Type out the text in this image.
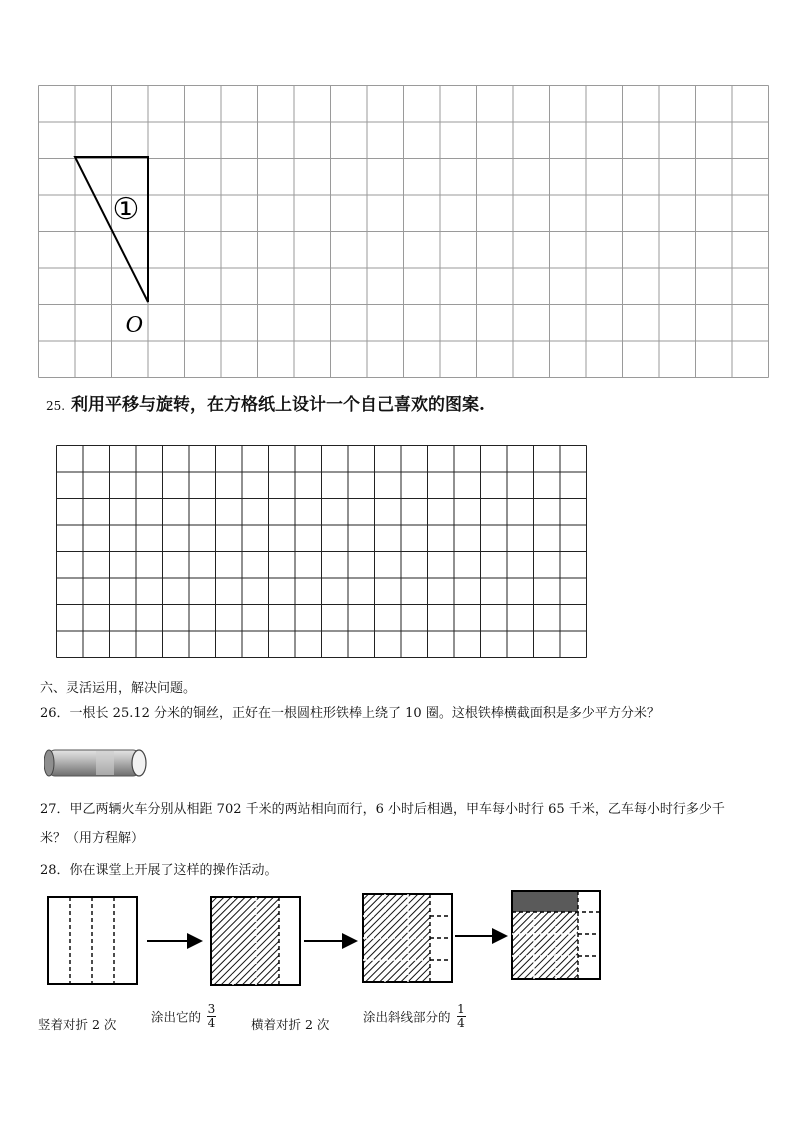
①
O
25. 利用平移与旋转，在方格纸上设计一个自己喜欢的图案.
六、灵活运用，解决问题。
26．一根长 25.12 分米的铜丝，正好在一根圆柱形铁棒上绕了 10 圈。这根铁棒横截面积是多少平方分米？
27．甲乙两辆火车分别从相距 702 千米的两站相向而行，6 小时后相遇，甲车每小时行 65 千米，乙车每小时行多少千
米？（用方程解）
28．你在课堂上开展了这样的操作活动。
竖着对折 2 次	涂出它的 $\frac{3}{4}$	横着对折 2 次	涂出斜线部分的 $\frac{1}{4}$
